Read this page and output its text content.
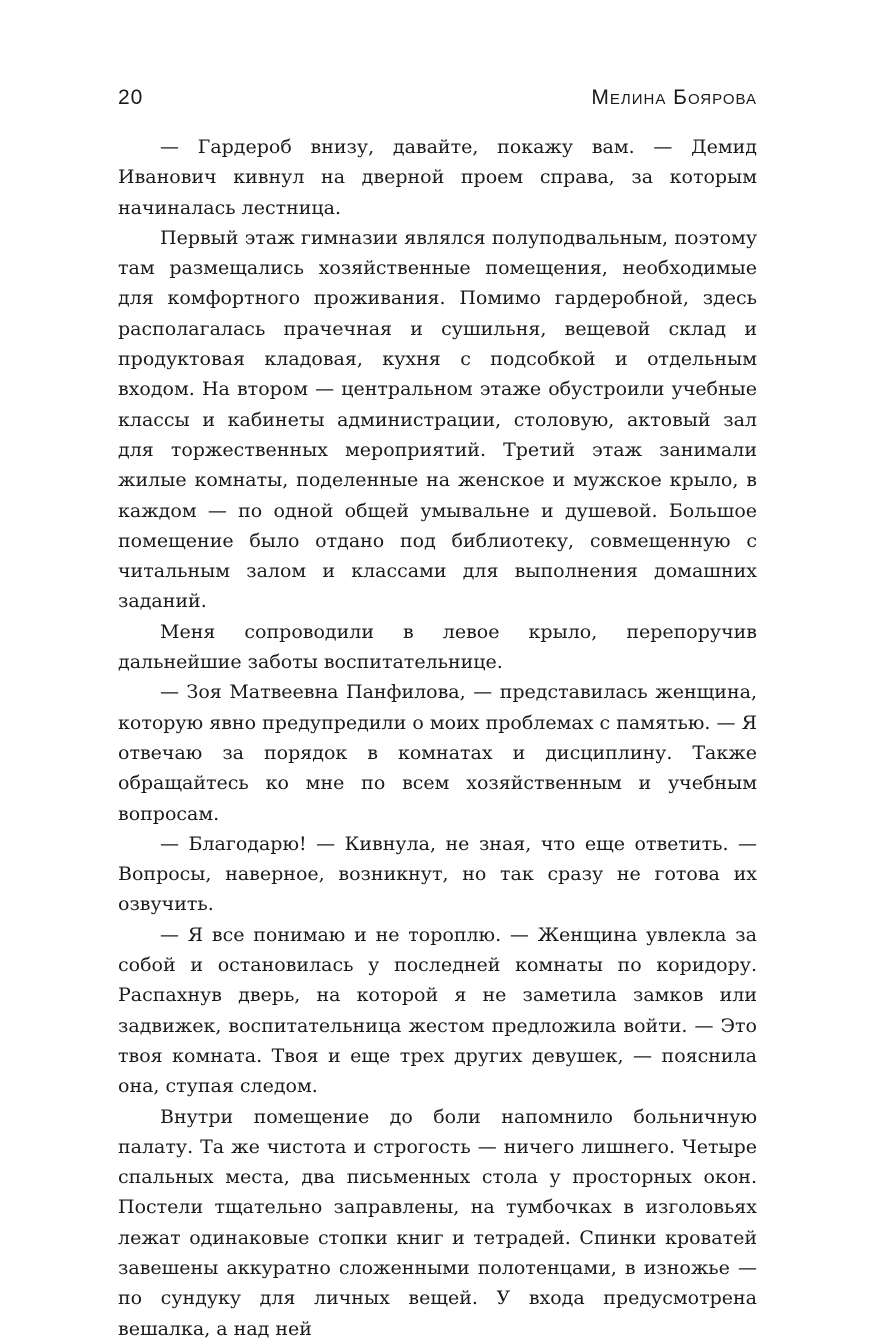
20	Мелина Боярова

— Гардероб внизу, давайте, покажу вам. — Демид Иванович кивнул на дверной проем справа, за которым начиналась лестница.

Первый этаж гимназии являлся полуподвальным, поэтому там размещались хозяйственные помещения, необходимые для комфортного проживания. Помимо гардеробной, здесь располагалась прачечная и сушильня, вещевой склад и продуктовая кладовая, кухня с подсобкой и отдельным входом. На втором — центральном этаже обустроили учебные классы и кабинеты администрации, столовую, актовый зал для торжественных мероприятий. Третий этаж занимали жилые комнаты, поделенные на женское и мужское крыло, в каждом — по одной общей умывальне и душевой. Большое помещение было отдано под библиотеку, совмещенную с читальным залом и классами для выполнения домашних заданий.

Меня сопроводили в левое крыло, перепоручив дальнейшие заботы воспитательнице.

— Зоя Матвеевна Панфилова, — представилась женщина, которую явно предупредили о моих проблемах с памятью. — Я отвечаю за порядок в комнатах и дисциплину. Также обращайтесь ко мне по всем хозяйственным и учебным вопросам.

— Благодарю! — Кивнула, не зная, что еще ответить. — Вопросы, наверное, возникнут, но так сразу не готова их озвучить.

— Я все понимаю и не тороплю. — Женщина увлекла за собой и остановилась у последней комнаты по коридору. Распахнув дверь, на которой я не заметила замков или задвижек, воспитательница жестом предложила войти. — Это твоя комната. Твоя и еще трех других девушек, — пояснила она, ступая следом.

Внутри помещение до боли напомнило больничную палату. Та же чистота и строгость — ничего лишнего. Четыре спальных места, два письменных стола у просторных окон. Постели тщательно заправлены, на тумбочках в изголовьях лежат одинаковые стопки книг и тетрадей. Спинки кроватей завешены аккуратно сложенными полотенцами, в изножье — по сундуку для личных вещей. У входа предусмотрена вешалка, а над ней
